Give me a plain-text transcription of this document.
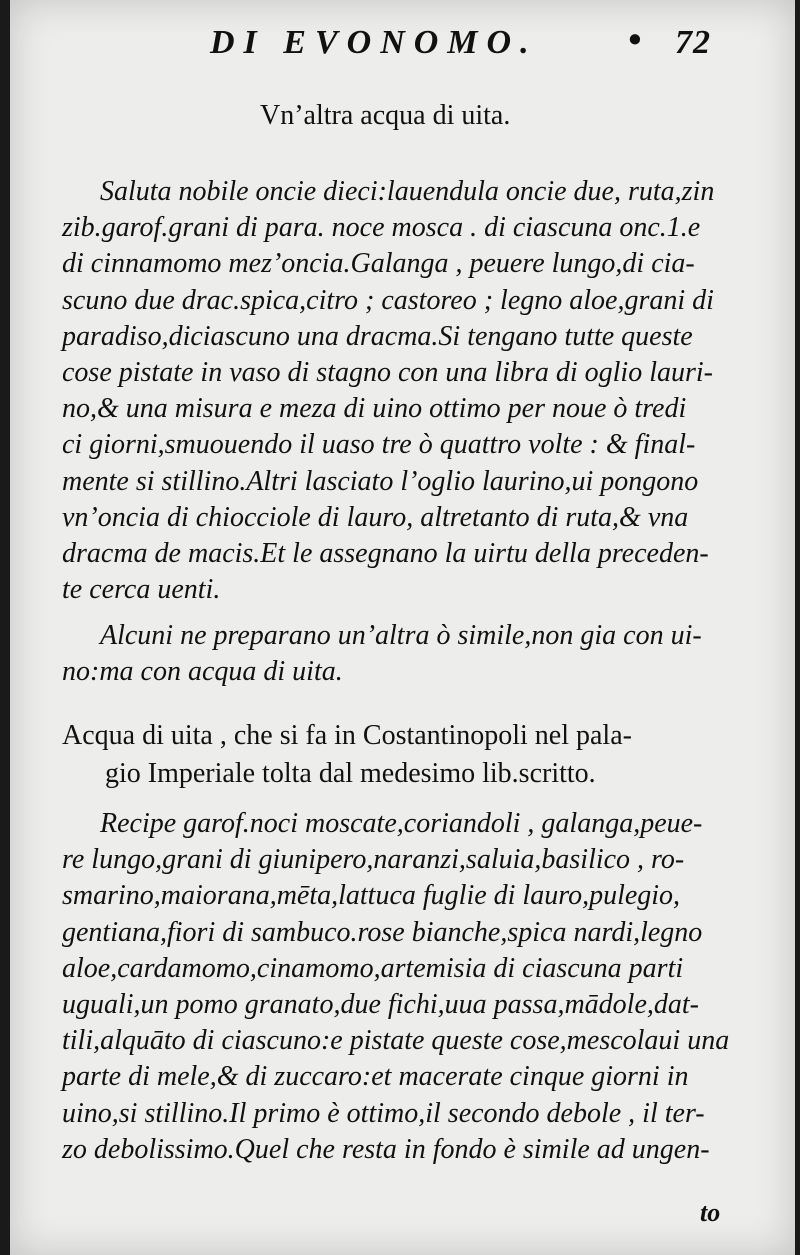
DI EVONOMO. • 72
Vn’altra acqua di uita.
Saluta nobile oncie dieci:lauendula oncie due, ruta,zin
zib.garof.grani di para. noce mosca . di ciascuna onc.1.e
di cinnamomo mez’oncia.Galanga , peuere lungo,di cia-
scuno due drac.spica,citro ; castoreo ; legno aloe,grani di
paradiso,diciascuno una dracma.Si tengano tutte queste
cose pistate in vaso di stagno con una libra di oglio lauri-
no,& una misura e meza di uino ottimo per noue ò tredi
ci giorni,smuouendo il uaso tre ò quattro volte : & final-
mente si stillino.Altri lasciato l’oglio laurino,ui pongono
vn’oncia di chiocciole di lauro, altretanto di ruta,& vna
dracma de macis.Et le assegnano la uirtu della preceden-
te cerca uenti.
Alcuni ne preparano un’altra ò simile,non gia con ui-
no:ma con acqua di uita.
Acqua di uita , che si fa in Costantinopoli nel pala-
gio Imperiale tolta dal medesimo lib.scritto.
Recipe garof.noci moscate,coriandoli , galanga,peue-
re lungo,grani di giunipero,naranzi,saluia,basilico , ro-
smarino,maiorana,mēta,lattuca fuglie di lauro,pulegio,
gentiana,fiori di sambuco.rose bianche,spica nardi,legno
aloe,cardamomo,cinamomo,artemisia di ciascuna parti
uguali,un pomo granato,due fichi,uua passa,mādole,dat-
tili,alquāto di ciascuno:e pistate queste cose,mescolaui una
parte di mele,& di zuccaro:et macerate cinque giorni in
uino,si stillino.Il primo è ottimo,il secondo debole , il ter-
zo debolissimo.Quel che resta in fondo è simile ad ungen-
to
